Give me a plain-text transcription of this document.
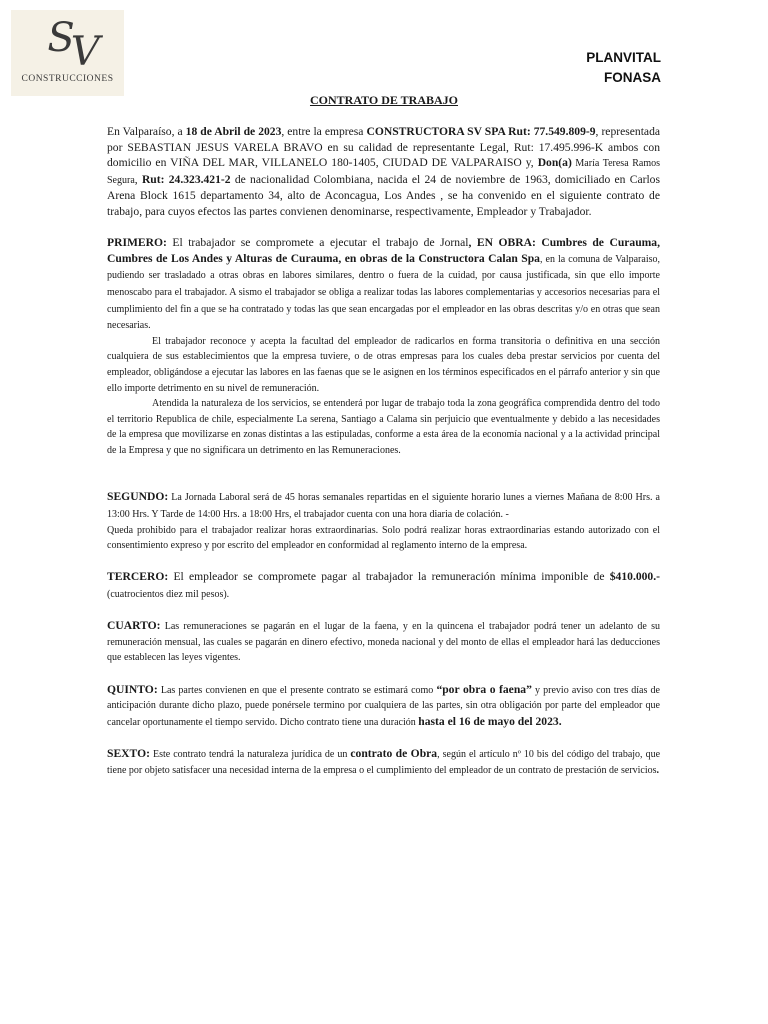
S V
CONSTRUCCIONES
PLANVITAL
FONASA
CONTRATO DE TRABAJO

En Valparaíso, a 18 de Abril de 2023, entre la empresa CONSTRUCTORA SV SPA Rut: 77.549.809-9, representada por SEBASTIAN JESUS VARELA BRAVO en su calidad de representante Legal, Rut: 17.495.996-K ambos con domicilio en VIÑA DEL MAR, VILLANELO 180-1405, CIUDAD DE VALPARAISO y, Don(a) María Teresa Ramos Segura, Rut: 24.323.421-2 de nacionalidad Colombiana, nacida el 24 de noviembre de 1963, domiciliado en Carlos Arena Block 1615 departamento 34, alto de Aconcagua, Los Andes , se ha convenido en el siguiente contrato de trabajo, para cuyos efectos las partes convienen denominarse, respectivamente, Empleador y Trabajador.

PRIMERO: El trabajador se compromete a ejecutar el trabajo de Jornal, EN OBRA: Cumbres de Curauma, Cumbres de Los Andes y Alturas de Curauma, en obras de la Constructora Calan Spa, en la comuna de Valparaiso, pudiendo ser trasladado a otras obras en labores similares, dentro o fuera de la cuidad, por causa justificada, sin que ello importe menoscabo para el trabajador. A sismo el trabajador se obliga a realizar todas las labores complementarias y accesorios necesarias para el cumplimiento del fin a que se ha contratado y todas las que sean encargadas por el empleador en las obras descritas y/o en otras que sean necesarias.

El trabajador reconoce y acepta la facultad del empleador de radicarlos en forma transitoria o definitiva en una sección cualquiera de sus establecimientos que la empresa tuviere, o de otras empresas para los cuales deba prestar servicios por cuenta del empleador, obligándose a ejecutar las labores en las faenas que se le asignen en los términos especificados en el párrafo anterior y sin que ello importe detrimento en su nivel de remuneración.

Atendida la naturaleza de los servicios, se entenderá por lugar de trabajo toda la zona geográfica comprendida dentro del todo el territorio Republica de chile, especialmente La serena, Santiago a Calama sin perjuicio que eventualmente y debido a las necesidades de la empresa que movilizarse en zonas distintas a las estipuladas, conforme a esta área de la economía nacional y a la actividad principal de la Empresa y que no significara un detrimento en las Remuneraciones.

SEGUNDO: La Jornada Laboral será de 45 horas semanales repartidas en el siguiente horario lunes a viernes Mañana de 8:00 Hrs. a 13:00 Hrs. Y Tarde de 14:00 Hrs. a 18:00 Hrs, el trabajador cuenta con una hora diaria de colación. -

Queda prohibido para el trabajador realizar horas extraordinarias. Solo podrá realizar horas extraordinarias estando autorizado con el consentimiento expreso y por escrito del empleador en conformidad al reglamento interno de la empresa.

TERCERO: El empleador se compromete pagar al trabajador la remuneración mínima imponible de $410.000.- (cuatrocientos diez mil pesos).

CUARTO: Las remuneraciones se pagarán en el lugar de la faena, y en la quincena el trabajador podrá tener un adelanto de su remuneración mensual, las cuales se pagarán en dinero efectivo, moneda nacional y del monto de ellas el empleador hará las deducciones que establecen las leyes vigentes.

QUINTO: Las partes convienen en que el presente contrato se estimará como “por obra o faena” y previo aviso con tres días de anticipación durante dicho plazo, puede ponérsele termino por cualquiera de las partes, sin otra obligación por parte del empleador que cancelar oportunamente el tiempo servido. Dicho contrato tiene una duración hasta el 16 de mayo del 2023.

SEXTO: Este contrato tendrá la naturaleza jurídica de un contrato de Obra, según el artículo nº 10 bis del código del trabajo, que tiene por objeto satisfacer una necesidad interna de la empresa o el cumplimiento del empleador de un contrato de prestación de servicios.
